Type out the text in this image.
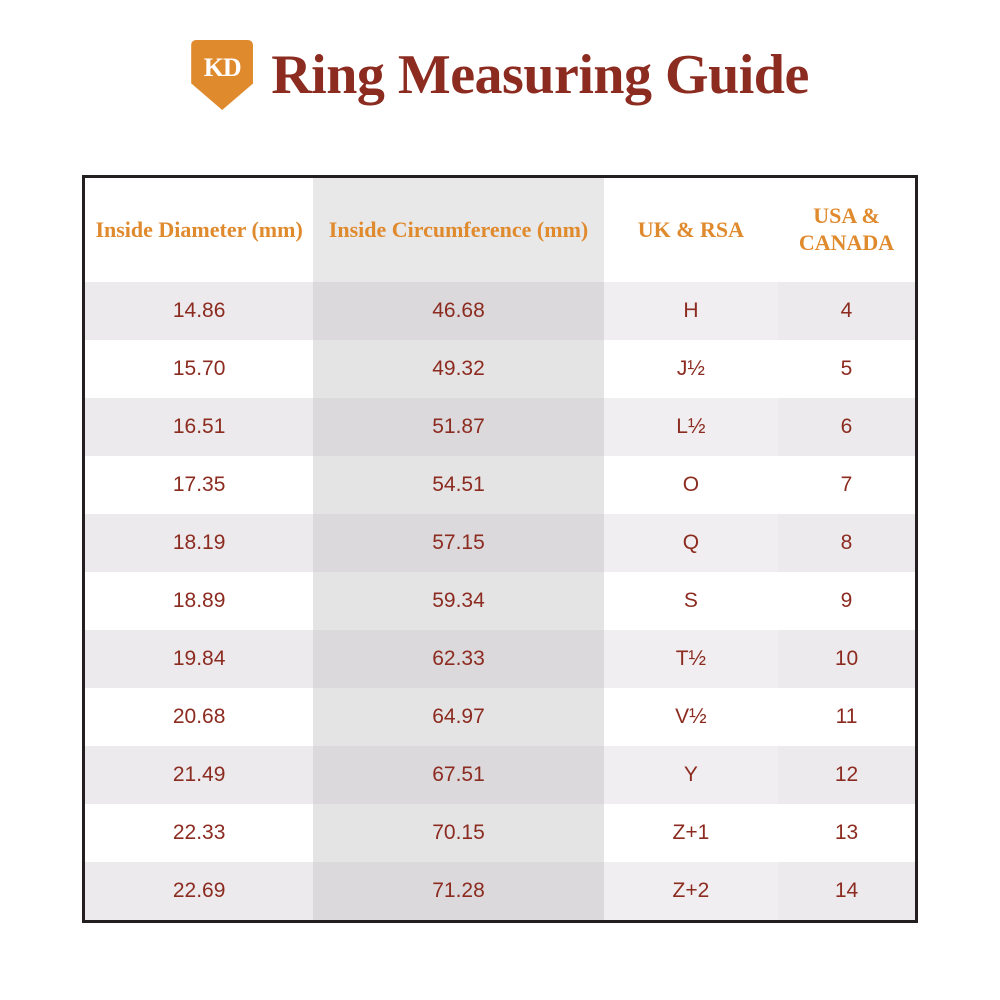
KD Ring Measuring Guide
Inside Diameter (mm)	Inside Circumference (mm)	UK & RSA	USA & CANADA
14.86	46.68	H	4
15.70	49.32	J½	5
16.51	51.87	L½	6
17.35	54.51	O	7
18.19	57.15	Q	8
18.89	59.34	S	9
19.84	62.33	T½	10
20.68	64.97	V½	11
21.49	67.51	Y	12
22.33	70.15	Z+1	13
22.69	71.28	Z+2	14
